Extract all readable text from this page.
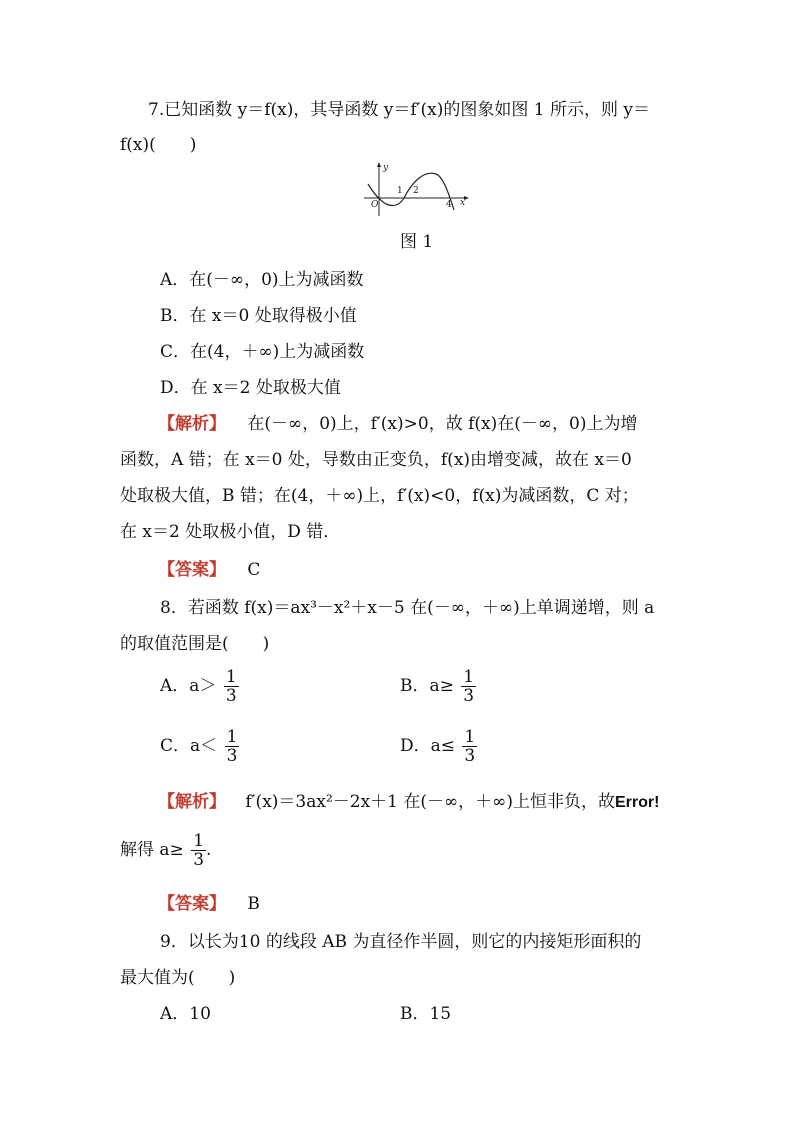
7.已知函数 y＝f(x)，其导函数 y＝f′(x)的图象如图 1 所示，则 y＝
f(x)(　　)
y
O
1 2
4 x
图 1
A．在(－∞，0)上为减函数
B．在 x＝0 处取得极小值
C．在(4，＋∞)上为减函数
D．在 x＝2 处取极大值
【解析】 在(－∞，0)上，f′(x)>0，故 f(x)在(－∞，0)上为增
函数，A 错；在 x＝0 处，导数由正变负，f(x)由增变减，故在 x＝0
处取极大值，B 错；在(4，＋∞)上，f′(x)<0，f(x)为减函数，C 对；
在 x＝2 处取极小值，D 错．
【答案】 C
8．若函数 f(x)＝ax³－x²＋x－5 在(－∞，＋∞)上单调递增，则 a
的取值范围是(　　)
A．$a> \frac{1}{3}$	B．$a\ge \frac{1}{3}$
C．$a< \frac{1}{3}$	D．$a\le \frac{1}{3}$
【解析】 f′(x)＝3ax²－2x＋1 在(－∞，＋∞)上恒非负，故Error!
解得 $a\ge \frac{1}{3}$ .
【答案】 B
9．以长为10 的线段 AB 为直径作半圆，则它的内接矩形面积的
最大值为(　　)
A．10	B．15
